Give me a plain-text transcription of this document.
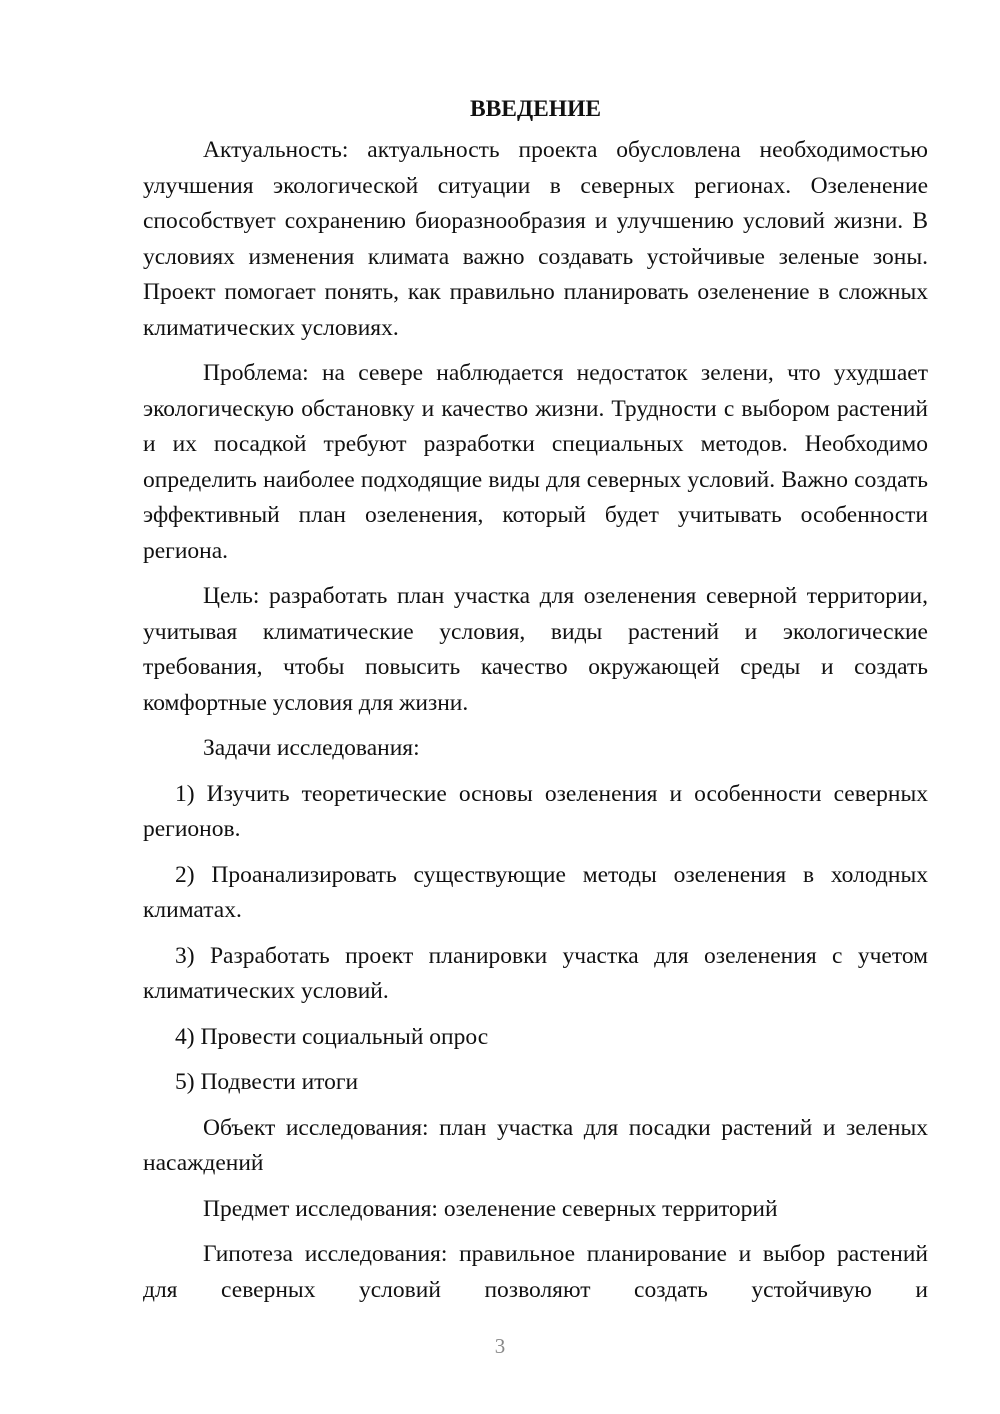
ВВЕДЕНИЕ

Актуальность: актуальность проекта обусловлена необходимостью улучшения экологической ситуации в северных регионах. Озеленение способствует сохранению биоразнообразия и улучшению условий жизни. В условиях изменения климата важно создавать устойчивые зеленые зоны. Проект помогает понять, как правильно планировать озеленение в сложных климатических условиях.

Проблема: на севере наблюдается недостаток зелени, что ухудшает экологическую обстановку и качество жизни. Трудности с выбором растений и их посадкой требуют разработки специальных методов. Необходимо определить наиболее подходящие виды для северных условий. Важно создать эффективный план озеленения, который будет учитывать особенности региона.

Цель: разработать план участка для озеленения северной территории, учитывая климатические условия, виды растений и экологические требования, чтобы повысить качество окружающей среды и создать комфортные условия для жизни.

Задачи исследования:

1) Изучить теоретические основы озеленения и особенности северных регионов.

2) Проанализировать существующие методы озеленения в холодных климатах.

3) Разработать проект планировки участка для озеленения с учетом климатических условий.

4) Провести социальный опрос

5) Подвести итоги

Объект исследования: план участка для посадки растений и зеленых насаждений

Предмет исследования: озеленение северных территорий

Гипотеза исследования: правильное планирование и выбор растений для северных условий позволяют создать устойчивую и

3
